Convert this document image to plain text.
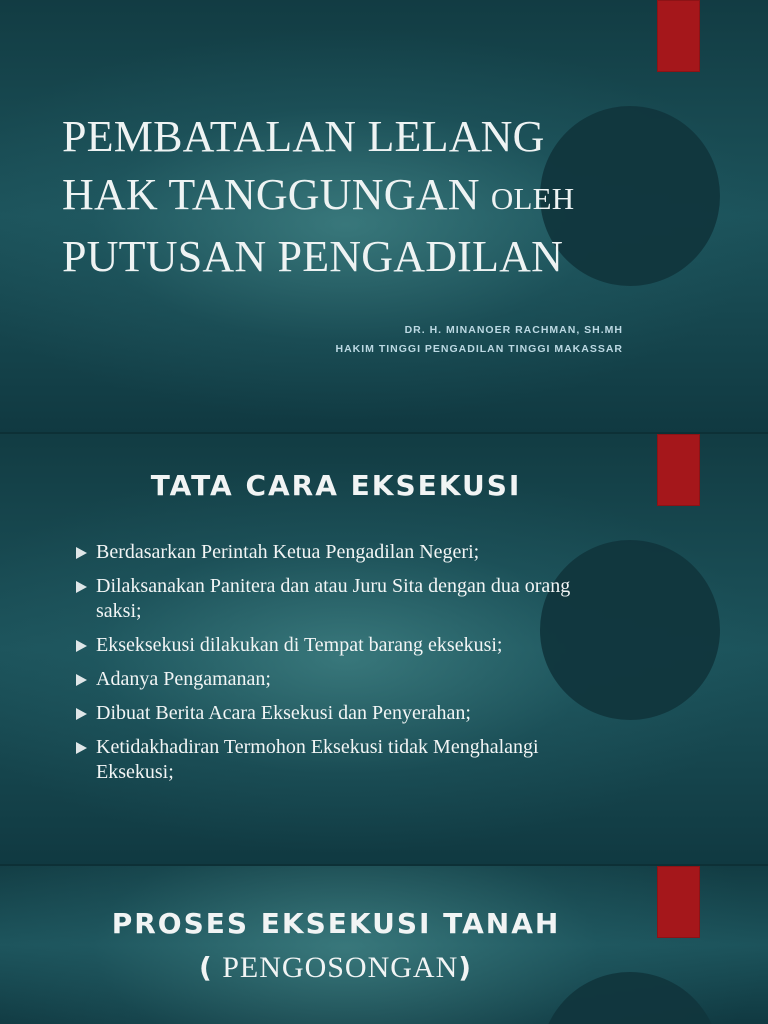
PEMBATALAN LELANG
HAK TANGGUNGAN OLEH
PUTUSAN PENGADILAN
DR. H. MINANOER RACHMAN, SH.MH
HAKIM TINGGI PENGADILAN TINGGI MAKASSAR
TATA CARA EKSEKUSI
Berdasarkan Perintah Ketua Pengadilan Negeri;
Dilaksanakan Panitera dan atau Juru Sita dengan dua orang saksi;
Ekseksekusi dilakukan di Tempat barang eksekusi;
Adanya Pengamanan;
Dibuat Berita Acara Eksekusi dan Penyerahan;
Ketidakhadiran Termohon Eksekusi tidak Menghalangi Eksekusi;
PROSES EKSEKUSI TANAH
( PENGOSONGAN)
